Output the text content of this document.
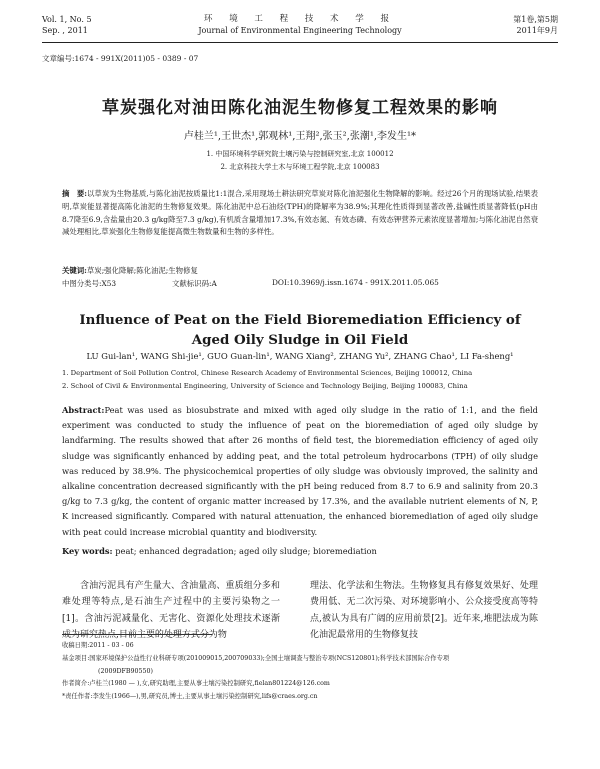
Vol. 1, No. 5
Sep. , 2011
环 境 工 程 技 术 学 报
Journal of Environmental Engineering Technology
第1卷,第5期
2011年9月
文章编号:1674 - 991X(2011)05 - 0389 - 07
草炭强化对油田陈化油泥生物修复工程效果的影响
卢桂兰¹,王世杰¹,郭观林¹,王翔²,张玉²,张潮¹,李发生¹*
1. 中国环境科学研究院土壤污染与控制研究室,北京 100012
2. 北京科技大学土木与环境工程学院,北京 100083
摘　要:以草炭为生物基质,与陈化油泥按质量比1:1混合,采用现场土耕法研究草炭对陈化油泥强化生物降解的影响。经过26个月的现场试验,结果表明,草炭能显著提高陈化油泥的生物修复效果。陈化油泥中总石油烃(TPH)的降解率为38.9%;其理化性质得到显著改善,盐碱性质显著降低(pH由8.7降至6.9,含盐量由20.3 g/kg降至7.3 g/kg),有机质含量增加17.3%,有效态氮、有效态磷、有效态钾营养元素浓度显著增加;与陈化油泥自然衰减处理相比,草炭强化生物修复能提高微生物数量和生物的多样性。
关键词:草炭;强化降解;陈化油泥;生物修复
中图分类号:X53	文献标识码:A	DOI:10.3969/j.issn.1674 - 991X.2011.05.065
Influence of Peat on the Field Bioremediation Efficiency of
Aged Oily Sludge in Oil Field
LU Gui-lan¹, WANG Shi-jie¹, GUO Guan-lin¹, WANG Xiang², ZHANG Yu², ZHANG Chao¹, LI Fa-sheng¹
1. Department of Soil Pollution Control, Chinese Research Academy of Environmental Sciences, Beijing 100012, China
2. School of Civil & Environmental Engineering, University of Science and Technology Beijing, Beijing 100083, China
Abstract:Peat was used as biosubstrate and mixed with aged oily sludge in the ratio of 1:1, and the field experiment was conducted to study the influence of peat on the bioremediation of aged oily sludge by landfarming. The results showed that after 26 months of field test, the bioremediation efficiency of aged oily sludge was significantly enhanced by adding peat, and the total petroleum hydrocarbons (TPH) of oily sludge was reduced by 38.9%. The physicochemical properties of oily sludge was obviously improved, the salinity and alkaline concentration decreased significantly with the pH being reduced from 8.7 to 6.9 and salinity from 20.3 g/kg to 7.3 g/kg, the content of organic matter increased by 17.3%, and the available nutrient elements of N, P, K increased significantly. Compared with natural attenuation, the enhanced bioremediation of aged oily sludge with peat could increase microbial quantity and biodiversity.
Key words: peat; enhanced degradation; aged oily sludge; bioremediation
含油污泥具有产生量大、含油量高、重质组分多和难处理等特点,是石油生产过程中的主要污染物之一[1]。含油污泥减量化、无害化、资源化处理技术逐渐成为研究热点,目前主要的处理方式分为物
理法、化学法和生物法。生物修复具有修复效果好、处理费用低、无二次污染、对环境影响小、公众接受度高等特点,被认为具有广阔的应用前景[2]。近年来,堆肥法成为陈化油泥最常用的生物修复技
收稿日期:2011 - 03 - 06
基金项目:国家环境保护公益性行业科研专项(201009015,200709033);全国土壤调查与整治专项(NCS120801);科学技术部国际合作专项
(2009DFB90550)
作者简介:卢桂兰(1980 — ),女,研究助理,主要从事土壤污染控制研究,fielan801224@126.com
*责任作者:李发生(1966—),男,研究员,博士,主要从事土壤污染控制研究,lifs@craes.org.cn
